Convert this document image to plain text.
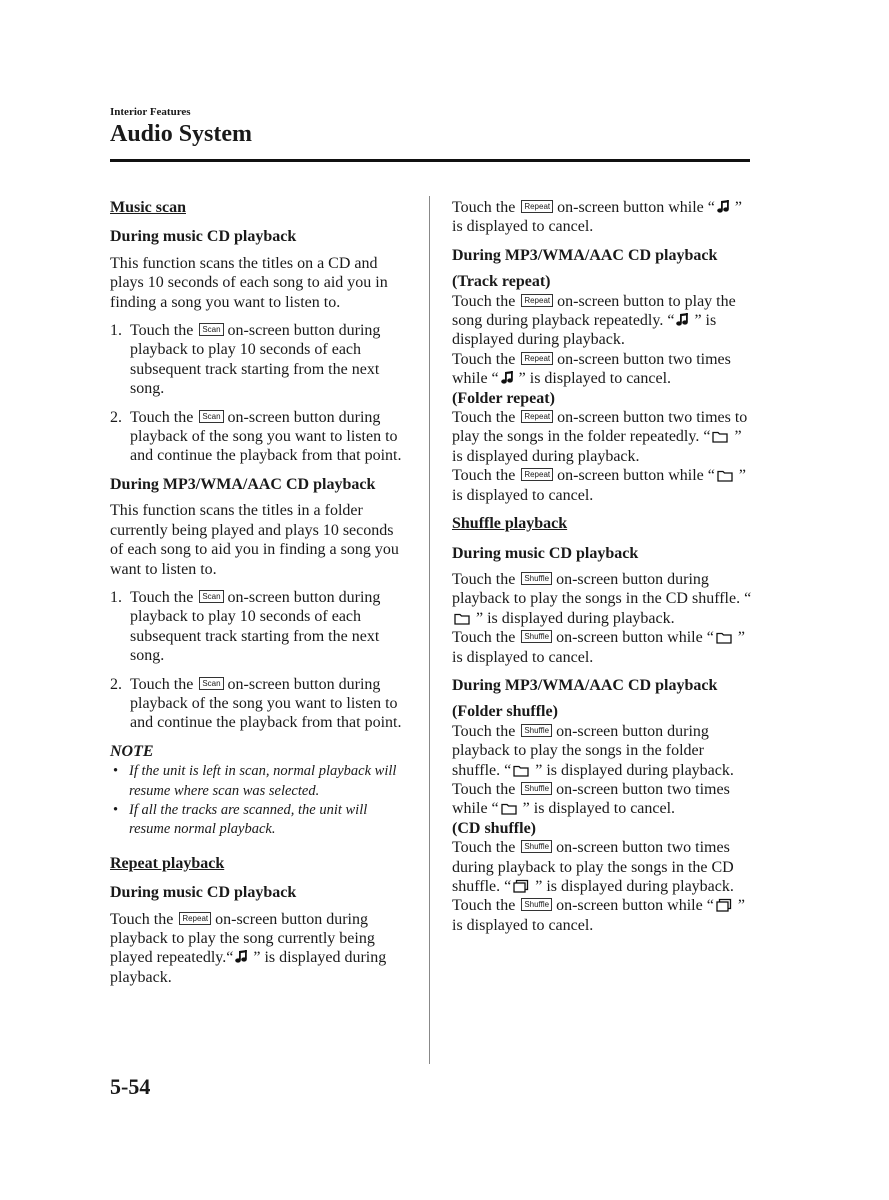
Interior Features
Audio System
Music scan
During music CD playback

This function scans the titles on a CD and plays 10 seconds of each song to aid you in finding a song you want to listen to.

1. Touch the Scan on-screen button during playback to play 10 seconds of each subsequent track starting from the next song.
2. Touch the Scan on-screen button during playback of the song you want to listen to and continue the playback from that point.
During MP3/WMA/AAC CD playback

This function scans the titles in a folder currently being played and plays 10 seconds of each song to aid you in finding a song you want to listen to.

1. Touch the Scan on-screen button during playback to play 10 seconds of each subsequent track starting from the next song.
2. Touch the Scan on-screen button during playback of the song you want to listen to and continue the playback from that point.
NOTE
• If the unit is left in scan, normal playback will resume where scan was selected.
• If all the tracks are scanned, the unit will resume normal playback.
Repeat playback
During music CD playback

Touch the Repeat on-screen button during playback to play the song currently being played repeatedly.“ ” is displayed during playback.

Touch the Repeat on-screen button while “ ” is displayed to cancel.

During MP3/WMA/AAC CD playback
(Track repeat)

Touch the Repeat on-screen button to play the song during playback repeatedly. “ ” is displayed during playback.

Touch the Repeat on-screen button two times while “ ” is displayed to cancel.

(Folder repeat)

Touch the Repeat on-screen button two times to play the songs in the folder repeatedly. “ ” is displayed during playback.

Touch the Repeat on-screen button while “ ” is displayed to cancel.

Shuffle playback
During music CD playback

Touch the Shuffle on-screen button during playback to play the songs in the CD shuffle. “ ” is displayed during playback.

Touch the Shuffle on-screen button while “ ” is displayed to cancel.

During MP3/WMA/AAC CD playback
(Folder shuffle)

Touch the Shuffle on-screen button during playback to play the songs in the folder shuffle. “ ” is displayed during playback.

Touch the Shuffle on-screen button two times while “ ” is displayed to cancel.

(CD shuffle)

Touch the Shuffle on-screen button two times during playback to play the songs in the CD shuffle. “ ” is displayed during playback.

Touch the Shuffle on-screen button while “ ” is displayed to cancel.

5-54
